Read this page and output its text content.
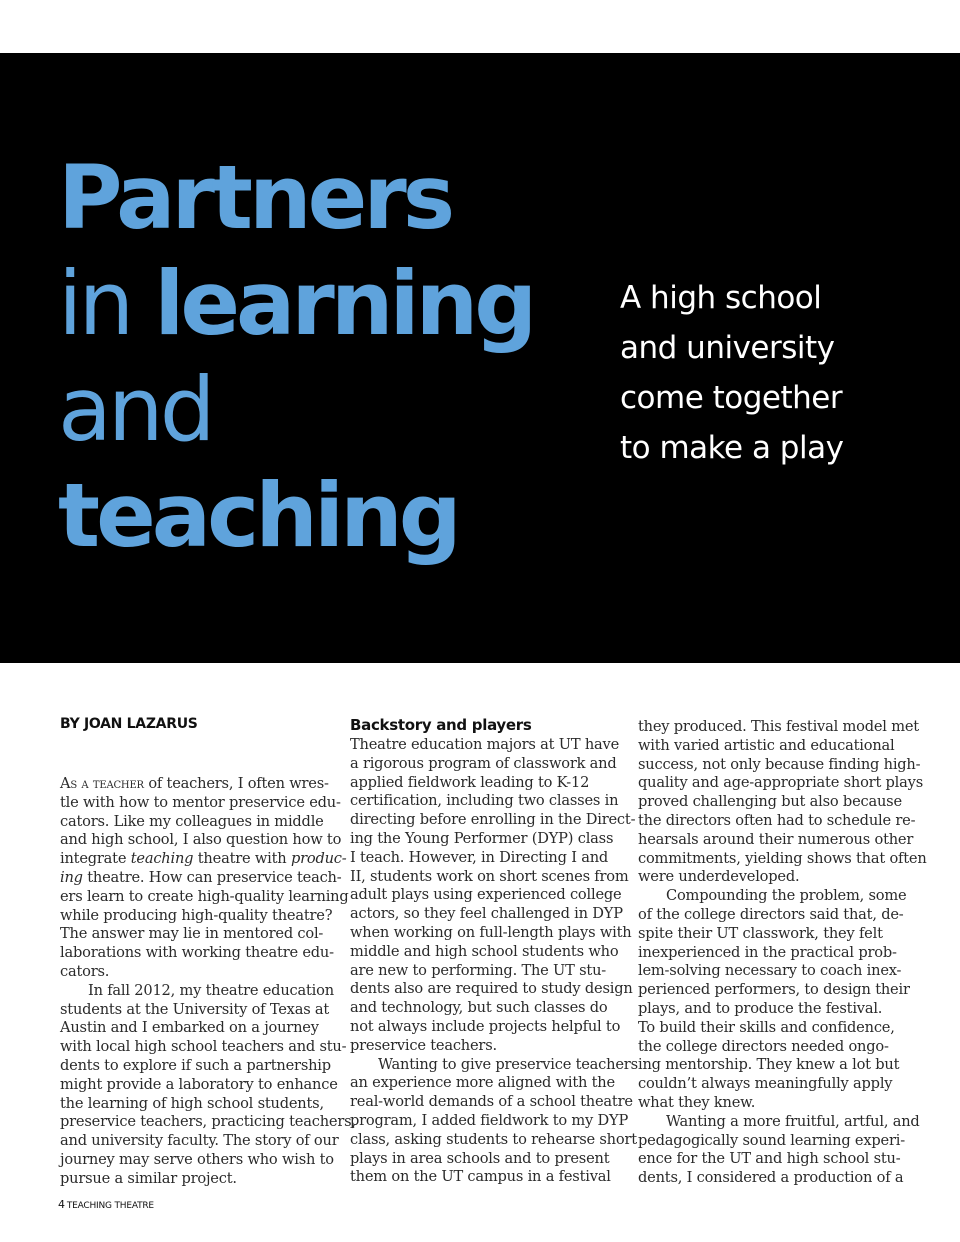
Partners
in learning
and
teaching
A high school
and university
come together
to make a play
BY JOAN LAZARUS
As a teacher of teachers, I often wres-
tle with how to mentor preservice edu-
cators. Like my colleagues in middle
and high school, I also question how to
integrate teaching theatre with produc-
ing theatre. How can preservice teach-
ers learn to create high-quality learning
while producing high-quality theatre?
The answer may lie in mentored col-
laborations with working theatre edu-
cators.
In fall 2012, my theatre education
students at the University of Texas at
Austin and I embarked on a journey
with local high school teachers and stu-
dents to explore if such a partnership
might provide a laboratory to enhance
the learning of high school students,
preservice teachers, practicing teachers,
and university faculty. The story of our
journey may serve others who wish to
pursue a similar project.
Backstory and players
Theatre education majors at UT have
a rigorous program of classwork and
applied fieldwork leading to K-12
certification, including two classes in
directing before enrolling in the Direct-
ing the Young Performer (DYP) class
I teach. However, in Directing I and
II, students work on short scenes from
adult plays using experienced college
actors, so they feel challenged in DYP
when working on full-length plays with
middle and high school students who
are new to performing. The UT stu-
dents also are required to study design
and technology, but such classes do
not always include projects helpful to
preservice teachers.
Wanting to give preservice teachers
an experience more aligned with the
real-world demands of a school theatre
program, I added fieldwork to my DYP
class, asking students to rehearse short
plays in area schools and to present
them on the UT campus in a festival
they produced. This festival model met
with varied artistic and educational
success, not only because finding high-
quality and age-appropriate short plays
proved challenging but also because
the directors often had to schedule re-
hearsals around their numerous other
commitments, yielding shows that often
were underdeveloped.
Compounding the problem, some
of the college directors said that, de-
spite their UT classwork, they felt
inexperienced in the practical prob-
lem-solving necessary to coach inex-
perienced performers, to design their
plays, and to produce the festival.
To build their skills and confidence,
the college directors needed ongo-
ing mentorship. They knew a lot but
couldn’t always meaningfully apply
what they knew.
Wanting a more fruitful, artful, and
pedagogically sound learning experi-
ence for the UT and high school stu-
dents, I considered a production of a
4 TEACHING THEATRE
